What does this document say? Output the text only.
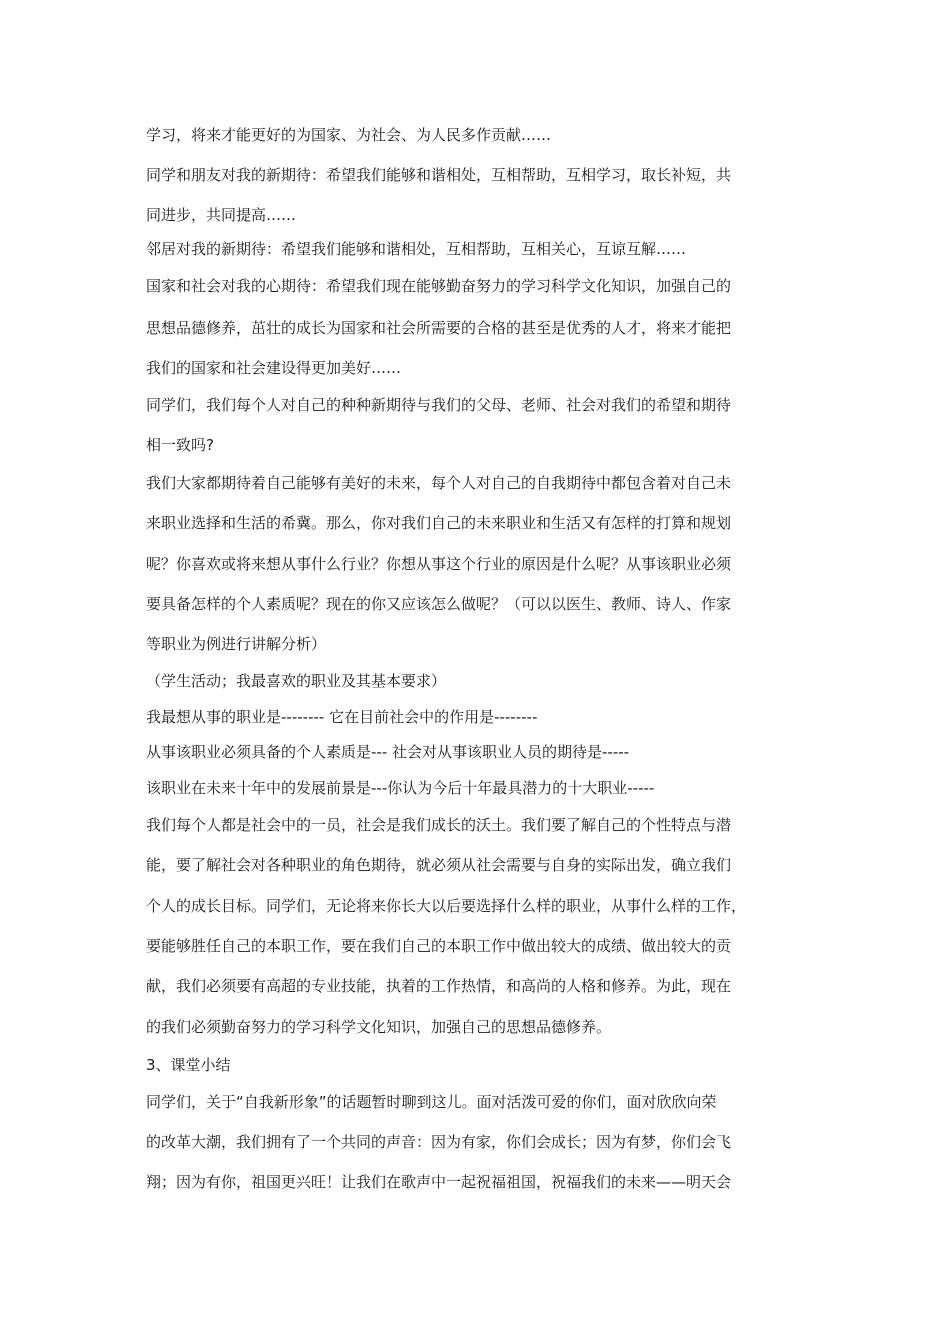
学习，将来才能更好的为国家、为社会、为人民多作贡献……
同学和朋友对我的新期待：希望我们能够和谐相处，互相帮助，互相学习，取长补短，共
同进步，共同提高……
邻居对我的新期待：希望我们能够和谐相处，互相帮助，互相关心，互谅互解……
国家和社会对我的心期待：希望我们现在能够勤奋努力的学习科学文化知识，加强自己的
思想品德修养，茁壮的成长为国家和社会所需要的合格的甚至是优秀的人才，将来才能把
我们的国家和社会建设得更加美好……
同学们，我们每个人对自己的种种新期待与我们的父母、老师、社会对我们的希望和期待
相一致吗?
我们大家都期待着自己能够有美好的未来，每个人对自己的自我期待中都包含着对自己未
来职业选择和生活的希冀。那么，你对我们自己的未来职业和生活又有怎样的打算和规划
呢？你喜欢或将来想从事什么行业？你想从事这个行业的原因是什么呢？从事该职业必须
要具备怎样的个人素质呢？现在的你又应该怎么做呢？（可以以医生、教师、诗人、作家
等职业为例进行讲解分析）
（学生活动；我最喜欢的职业及其基本要求）
我最想从事的职业是-------- 它在目前社会中的作用是--------
从事该职业必须具备的个人素质是--- 社会对从事该职业人员的期待是-----
该职业在未来十年中的发展前景是---你认为今后十年最具潜力的十大职业-----
我们每个人都是社会中的一员，社会是我们成长的沃土。我们要了解自己的个性特点与潜
能，要了解社会对各种职业的角色期待，就必须从社会需要与自身的实际出发，确立我们
个人的成长目标。同学们，无论将来你长大以后要选择什么样的职业，从事什么样的工作，
要能够胜任自己的本职工作，要在我们自己的本职工作中做出较大的成绩、做出较大的贡
献，我们必须要有高超的专业技能，执着的工作热情，和高尚的人格和修养。为此，现在
的我们必须勤奋努力的学习科学文化知识，加强自己的思想品德修养。
3、课堂小结
同学们，关于“自我新形象”的话题暂时聊到这儿。面对活泼可爱的你们，面对欣欣向荣
的改革大潮，我们拥有了一个共同的声音：因为有家，你们会成长；因为有梦，你们会飞
翔；因为有你，祖国更兴旺！让我们在歌声中一起祝福祖国，祝福我们的未来——明天会
